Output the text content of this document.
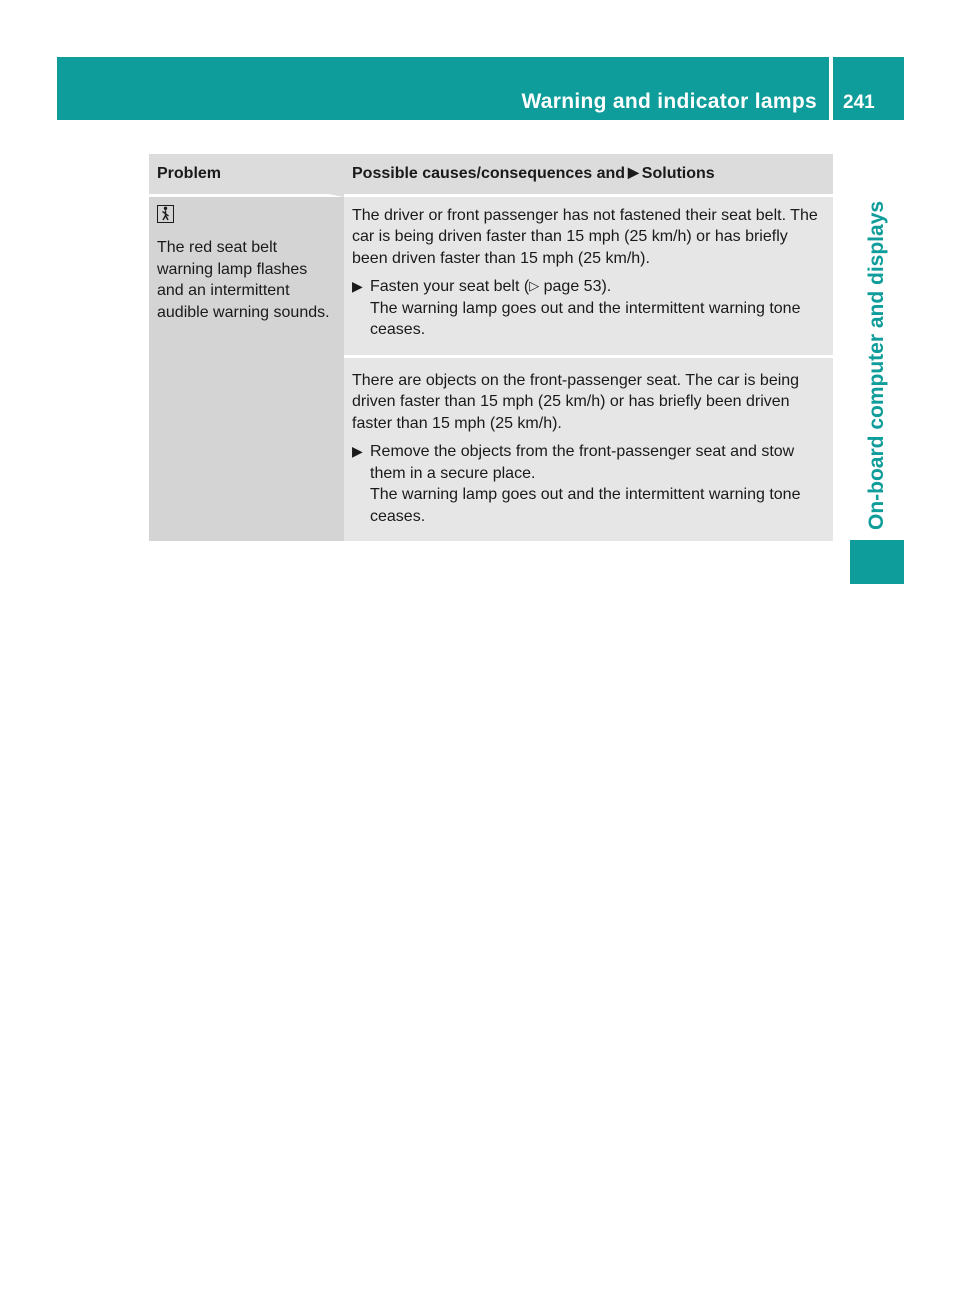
Warning and indicator lamps 241
On-board computer and displays
Problem	Possible causes/consequences and ▶ Solutions

The red seat belt warning lamp flashes and an intermittent audible warning sounds.	The driver or front passenger has not fastened their seat belt. The car is being driven faster than 15 mph (25 km/h) or has briefly been driven faster than 15 mph (25 km/h).

▶ Fasten your seat belt (▷ page 53).

The warning lamp goes out and the intermittent warning tone ceases.

	There are objects on the front-passenger seat. The car is being driven faster than 15 mph (25 km/h) or has briefly been driven faster than 15 mph (25 km/h).

▶ Remove the objects from the front-passenger seat and stow them in a secure place.

The warning lamp goes out and the intermittent warning tone ceases.
